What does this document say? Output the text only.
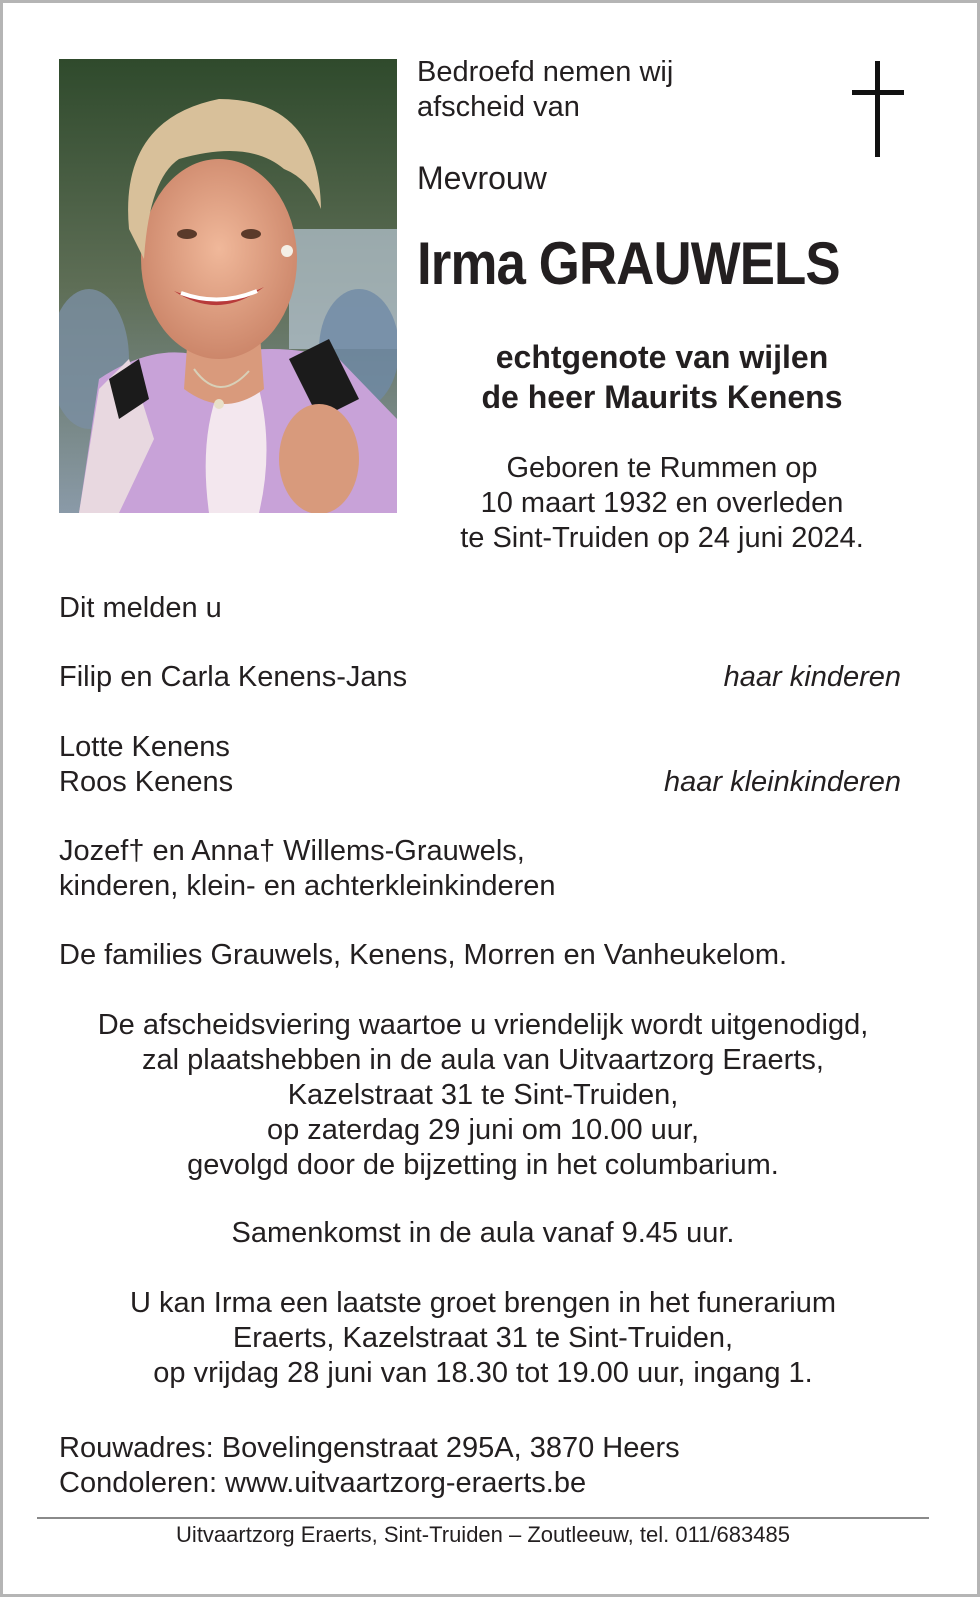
Bedroefd nemen wij
afscheid van
Mevrouw
Irma GRAUWELS
echtgenote van wijlen
de heer Maurits Kenens
Geboren te Rummen op
10 maart 1932 en overleden
te Sint-Truiden op 24 juni 2024.
Dit melden u
Filip en Carla Kenens-Jans	haar kinderen
Lotte Kenens
Roos Kenens	haar kleinkinderen
Jozef† en Anna† Willems-Grauwels,
kinderen, klein- en achterkleinkinderen
De families Grauwels, Kenens, Morren en Vanheukelom.
De afscheidsviering waartoe u vriendelijk wordt uitgenodigd,
zal plaatshebben in de aula van Uitvaartzorg Eraerts,
Kazelstraat 31 te Sint-Truiden,
op zaterdag 29 juni om 10.00 uur,
gevolgd door de bijzetting in het columbarium.
Samenkomst in de aula vanaf 9.45 uur.
U kan Irma een laatste groet brengen in het funerarium
Eraerts, Kazelstraat 31 te Sint-Truiden,
op vrijdag 28 juni van 18.30 tot 19.00 uur, ingang 1.
Rouwadres: Bovelingenstraat 295A, 3870 Heers
Condoleren: www.uitvaartzorg-eraerts.be
Uitvaartzorg Eraerts, Sint-Truiden – Zoutleeuw, tel. 011/683485
